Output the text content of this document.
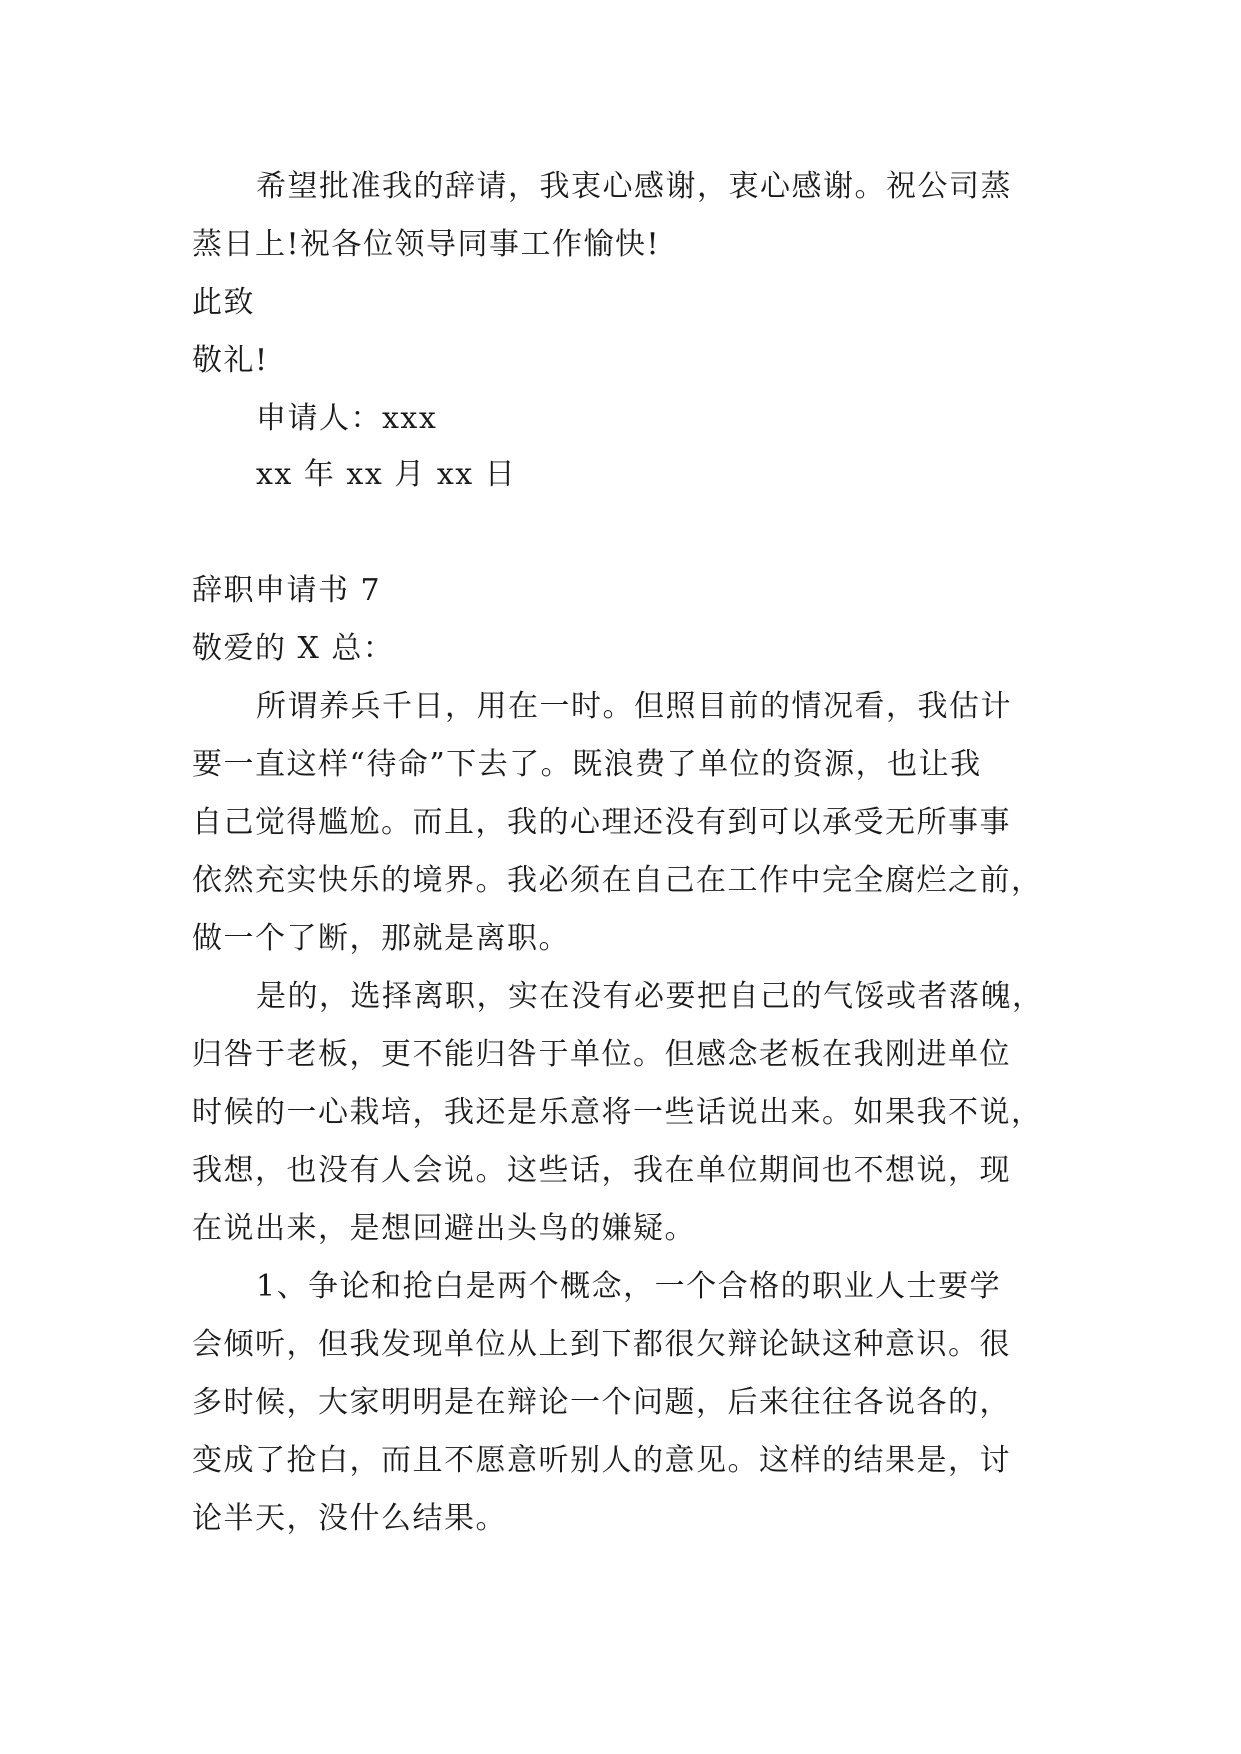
希望批准我的辞请，我衷心感谢，衷心感谢。祝公司蒸
蒸日上!祝各位领导同事工作愉快!
此致
敬礼!
申请人：xxx
xx 年 xx 月 xx 日
辞职申请书 7
敬爱的 X 总：
所谓养兵千日，用在一时。但照目前的情况看，我估计
要一直这样“待命”下去了。既浪费了单位的资源，也让我
自己觉得尴尬。而且，我的心理还没有到可以承受无所事事
依然充实快乐的境界。我必须在自己在工作中完全腐烂之前，
做一个了断，那就是离职。
是的，选择离职，实在没有必要把自己的气馁或者落魄，
归咎于老板，更不能归咎于单位。但感念老板在我刚进单位
时候的一心栽培，我还是乐意将一些话说出来。如果我不说，
我想，也没有人会说。这些话，我在单位期间也不想说，现
在说出来，是想回避出头鸟的嫌疑。
1、争论和抢白是两个概念，一个合格的职业人士要学
会倾听，但我发现单位从上到下都很欠辩论缺这种意识。很
多时候，大家明明是在辩论一个问题，后来往往各说各的，
变成了抢白，而且不愿意听别人的意见。这样的结果是，讨
论半天，没什么结果。
